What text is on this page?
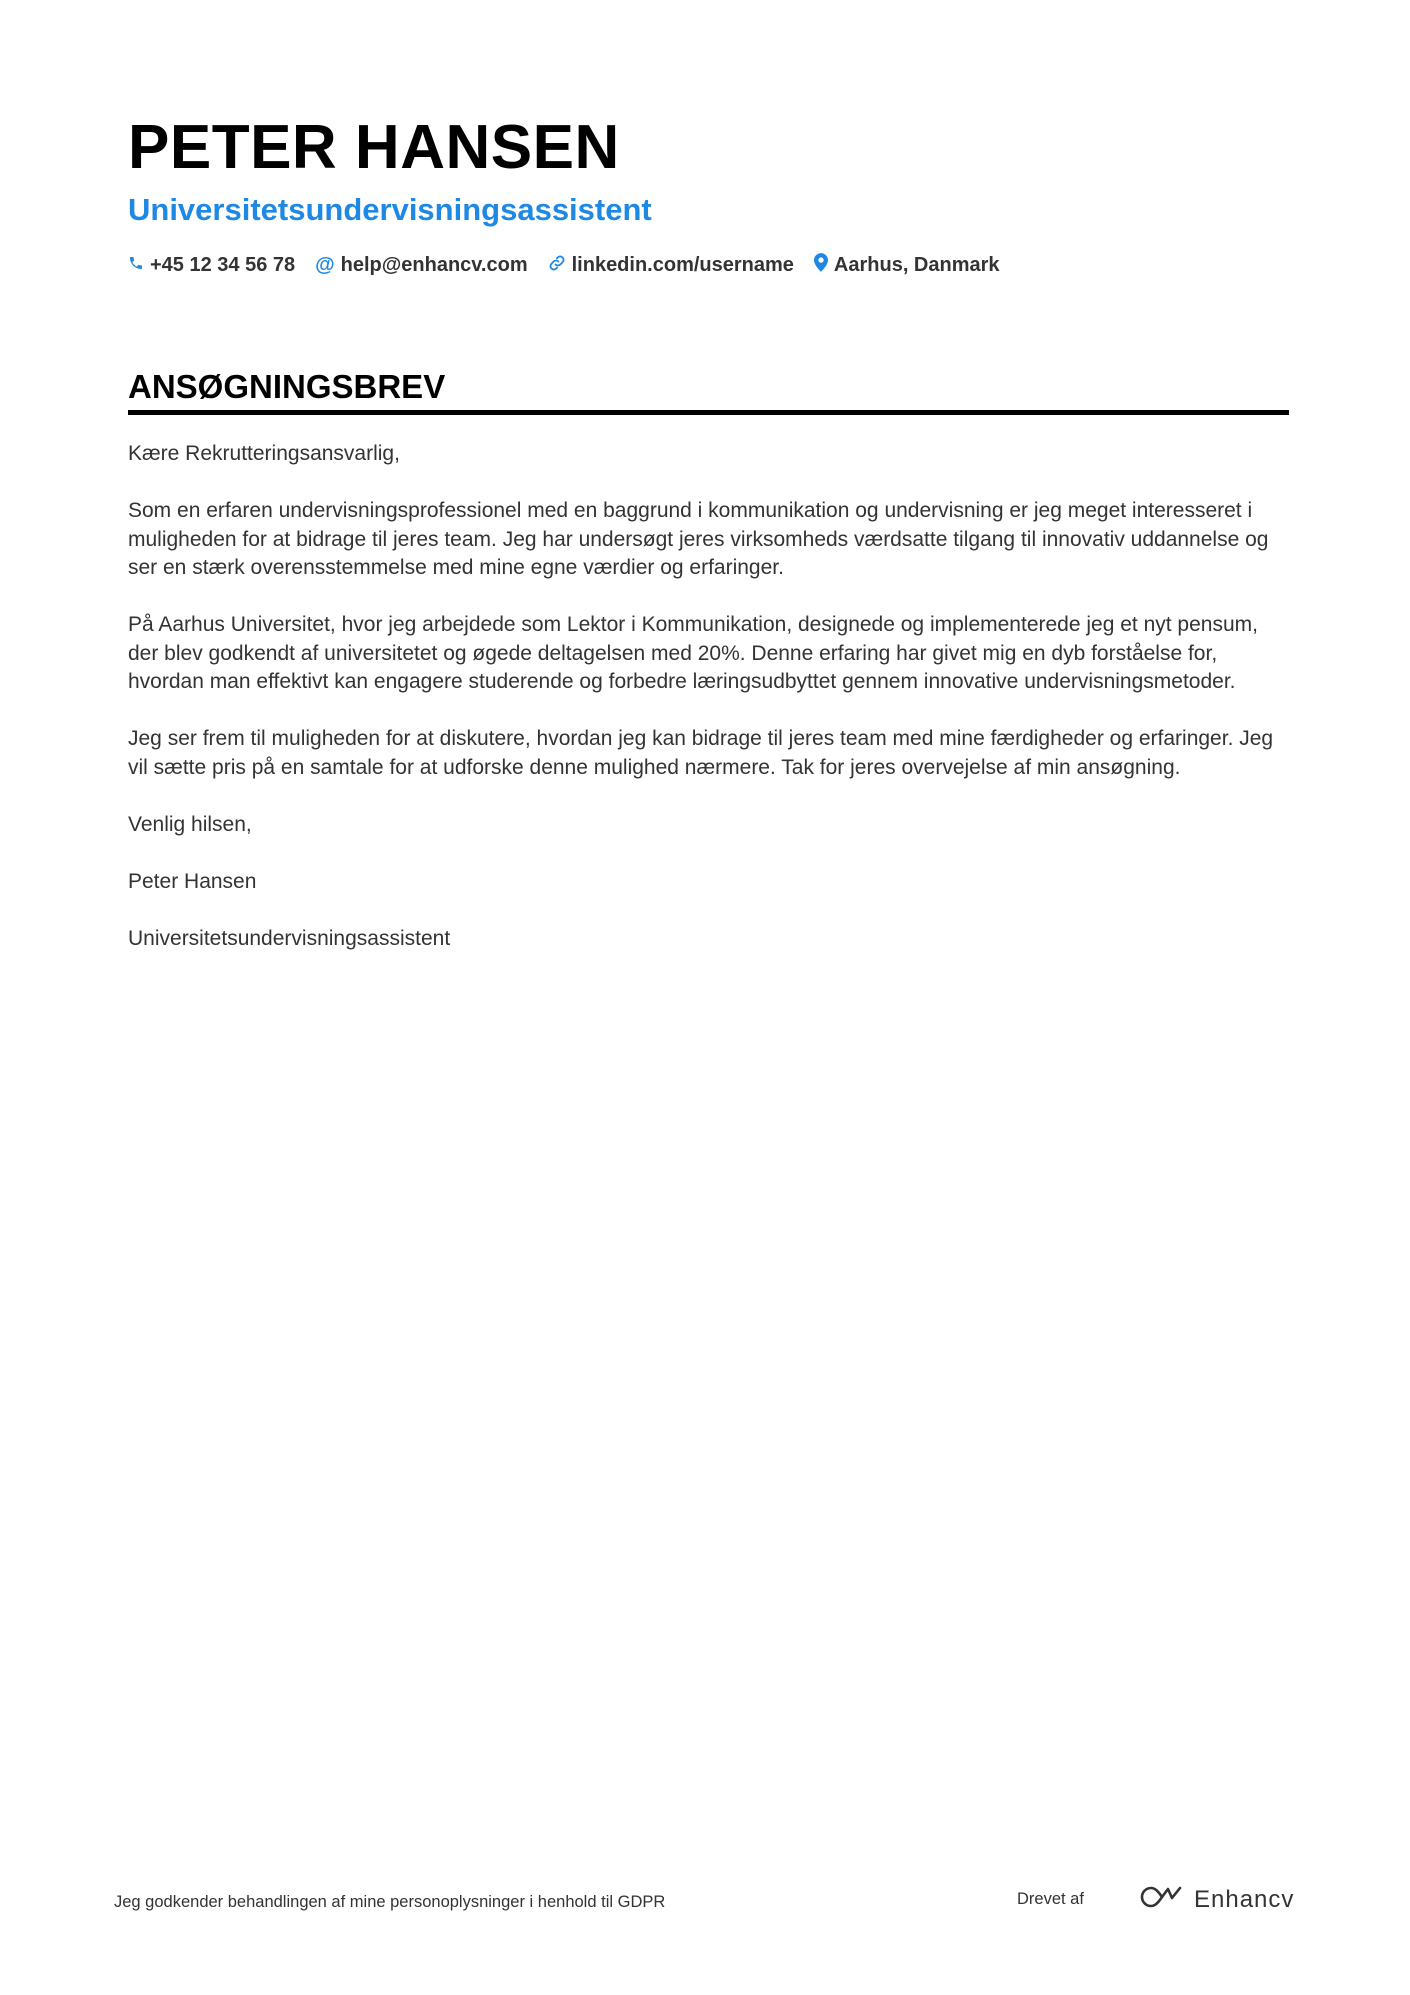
PETER HANSEN
Universitetsundervisningsassistent
+45 12 34 56 78 @ help@enhancv.com linkedin.com/username Aarhus, Danmark
ANSØGNINGSBREV

Kære Rekrutteringsansvarlig,

Som en erfaren undervisningsprofessionel med en baggrund i kommunikation og undervisning er jeg meget interesseret i muligheden for at bidrage til jeres team. Jeg har undersøgt jeres virksomheds værdsatte tilgang til innovativ uddannelse og ser en stærk overensstemmelse med mine egne værdier og erfaringer.

På Aarhus Universitet, hvor jeg arbejdede som Lektor i Kommunikation, designede og implementerede jeg et nyt pensum, der blev godkendt af universitetet og øgede deltagelsen med 20%. Denne erfaring har givet mig en dyb forståelse for, hvordan man effektivt kan engagere studerende og forbedre læringsudbyttet gennem innovative undervisningsmetoder.

Jeg ser frem til muligheden for at diskutere, hvordan jeg kan bidrage til jeres team med mine færdigheder og erfaringer. Jeg vil sætte pris på en samtale for at udforske denne mulighed nærmere. Tak for jeres overvejelse af min ansøgning.

Venlig hilsen,

Peter Hansen

Universitetsundervisningsassistent

Jeg godkender behandlingen af mine personoplysninger i henhold til GDPR	Drevet af	Enhancv
